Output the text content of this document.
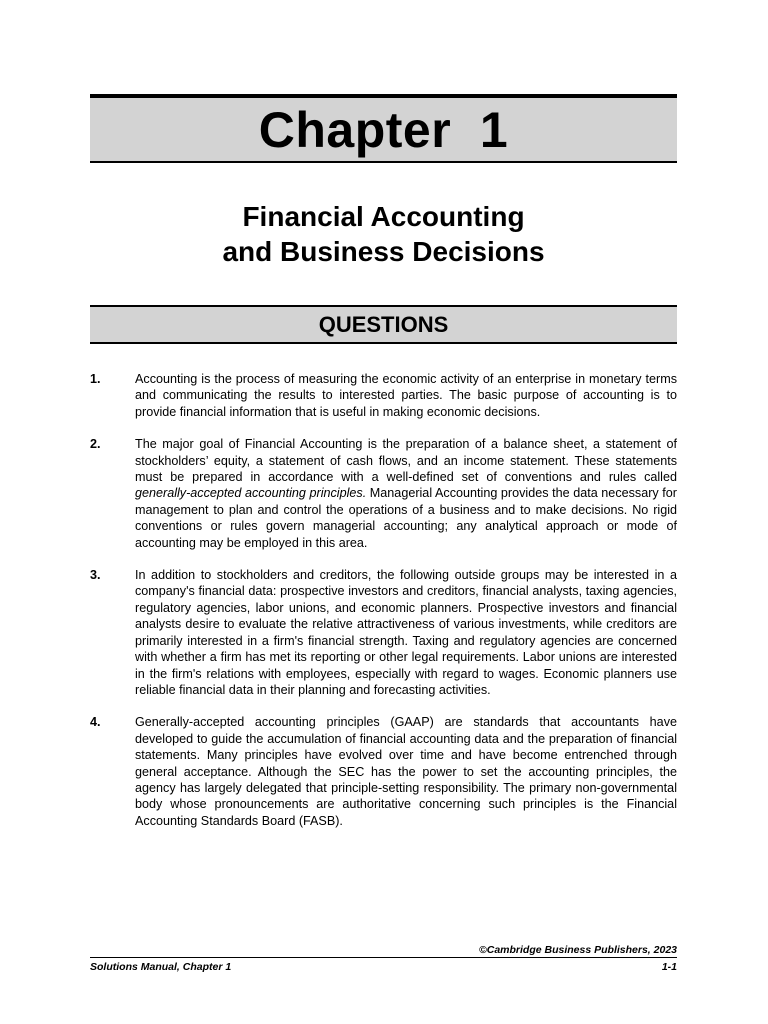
Chapter  1
Financial Accounting
and Business Decisions
QUESTIONS
1.	Accounting is the process of measuring the economic activity of an enterprise in monetary terms and communicating the results to interested parties. The basic purpose of accounting is to provide financial information that is useful in making economic decisions.
2.	The major goal of Financial Accounting is the preparation of a balance sheet, a statement of stockholders’ equity, a statement of cash flows, and an income statement. These statements must be prepared in accordance with a well-defined set of conventions and rules called generally-accepted accounting principles. Managerial Accounting provides the data necessary for management to plan and control the operations of a business and to make decisions. No rigid conventions or rules govern managerial accounting; any analytical approach or mode of accounting may be employed in this area.
3.	In addition to stockholders and creditors, the following outside groups may be interested in a company's financial data: prospective investors and creditors, financial analysts, taxing agencies, regulatory agencies, labor unions, and economic planners. Prospective investors and financial analysts desire to evaluate the relative attractiveness of various investments, while creditors are primarily interested in a firm's financial strength. Taxing and regulatory agencies are concerned with whether a firm has met its reporting or other legal requirements. Labor unions are interested in the firm's relations with employees, especially with regard to wages. Economic planners use reliable financial data in their planning and forecasting activities.
4.	Generally-accepted accounting principles (GAAP) are standards that accountants have developed to guide the accumulation of financial accounting data and the preparation of financial statements. Many principles have evolved over time and have become entrenched through general acceptance. Although the SEC has the power to set the accounting principles, the agency has largely delegated that principle-setting responsibility. The primary non-governmental body whose pronouncements are authoritative concerning such principles is the Financial Accounting Standards Board (FASB).
©Cambridge Business Publishers, 2023
Solutions Manual, Chapter 1	1-1
